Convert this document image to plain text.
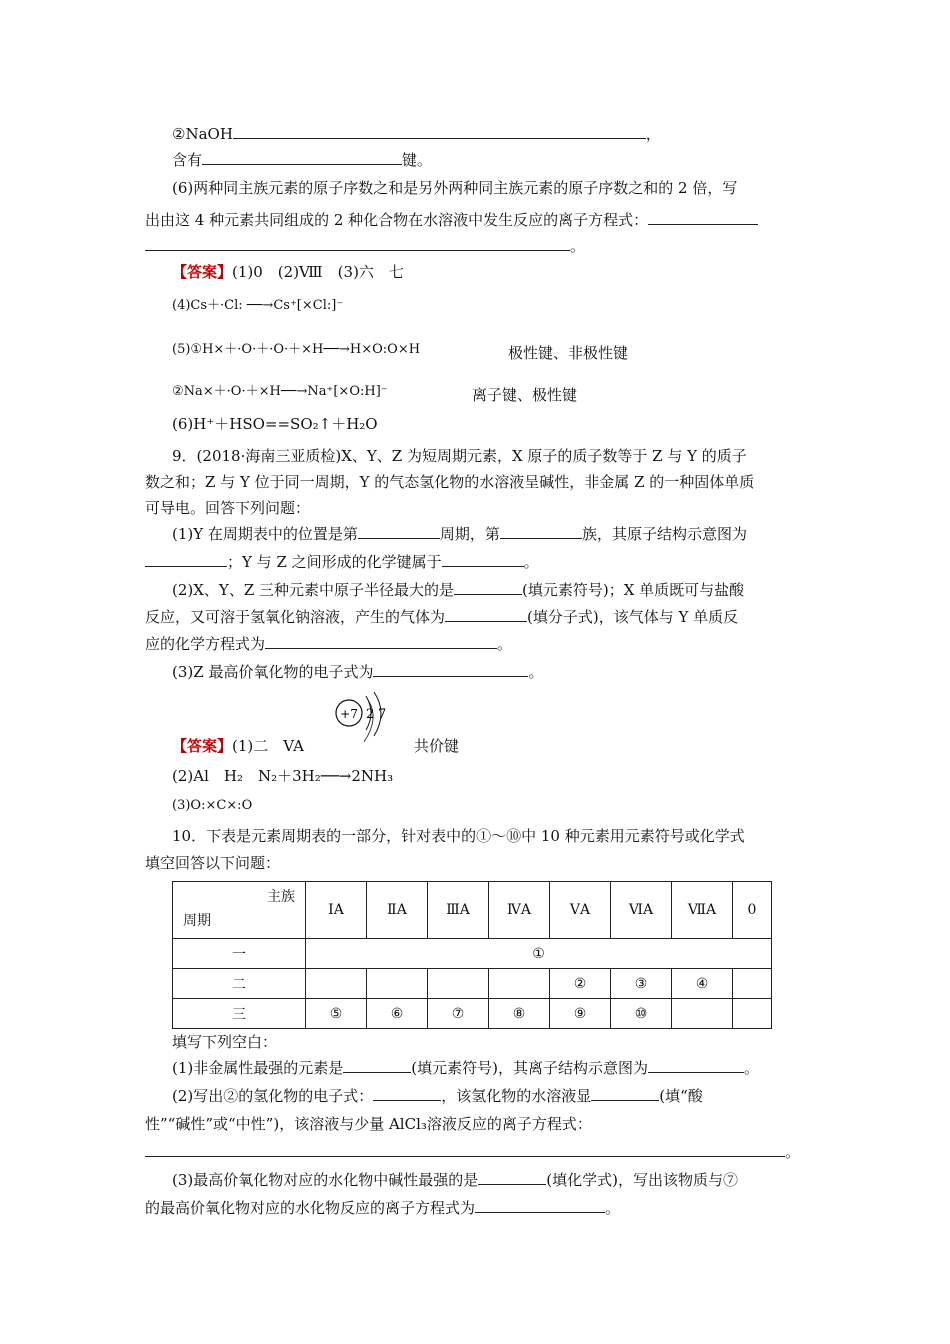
②NaOH	，
含有	键。
(6)两种同主族元素的原子序数之和是另外两种同主族元素的原子序数之和的 2 倍，写
出由这 4 种元素共同组成的 2 种化合物在水溶液中发生反应的离子方程式：
。
【答案】(1)0　(2)Ⅷ　(3)六　七
(4)Cs＋·Cl: ──→Cs⁺[×Cl:]⁻
(5)①H×＋·O·＋·O·＋×H──→H×O:O×H	极性键、非极性键
②Na×＋·O·＋×H──→Na⁺[×O:H]⁻	离子键、极性键
(6)H⁺＋HSO==SO₂↑＋H₂O
9．(2018·海南三亚质检)X、Y、Z 为短周期元素，X 原子的质子数等于 Z 与 Y 的质子
数之和；Z 与 Y 位于同一周期，Y 的气态氢化物的水溶液呈碱性，非金属 Z 的一种固体单质
可导电。回答下列问题：
(1)Y 在周期表中的位置是第	周期，第	族，其原子结构示意图为
；Y 与 Z 之间形成的化学键属于	。
(2)X、Y、Z 三种元素中原子半径最大的是	(填元素符号)；X 单质既可与盐酸
反应，又可溶于氢氧化钠溶液，产生的气体为	(填分子式)，该气体与 Y 单质反
应的化学方程式为	。
(3)Z 最高价氧化物的电子式为	。
【答案】(1)二　VA
+7 2 7
共价键
(2)Al　H₂　N₂＋3H₂──→2NH₃
(3)O:×C×:O
10．下表是元素周期表的一部分，针对表中的①～⑩中 10 种元素用元素符号或化学式
填空回答以下问题：
主族
周期	ⅠA	ⅡA	ⅢA	ⅣA	ⅤA	ⅥA	ⅦA	0
一	①							
二					②	③	④	
三	⑤	⑥	⑦	⑧	⑨	⑩		
填写下列空白：
(1)非金属性最强的元素是	(填元素符号)，其离子结构示意图为	。
(2)写出②的氢化物的电子式：	，该氢化物的水溶液显	(填“酸
性”“碱性”或“中性”)，该溶液与少量 AlCl₃溶液反应的离子方程式：
。
(3)最高价氧化物对应的水化物中碱性最强的是	(填化学式)，写出该物质与⑦
的最高价氧化物对应的水化物反应的离子方程式为	。
